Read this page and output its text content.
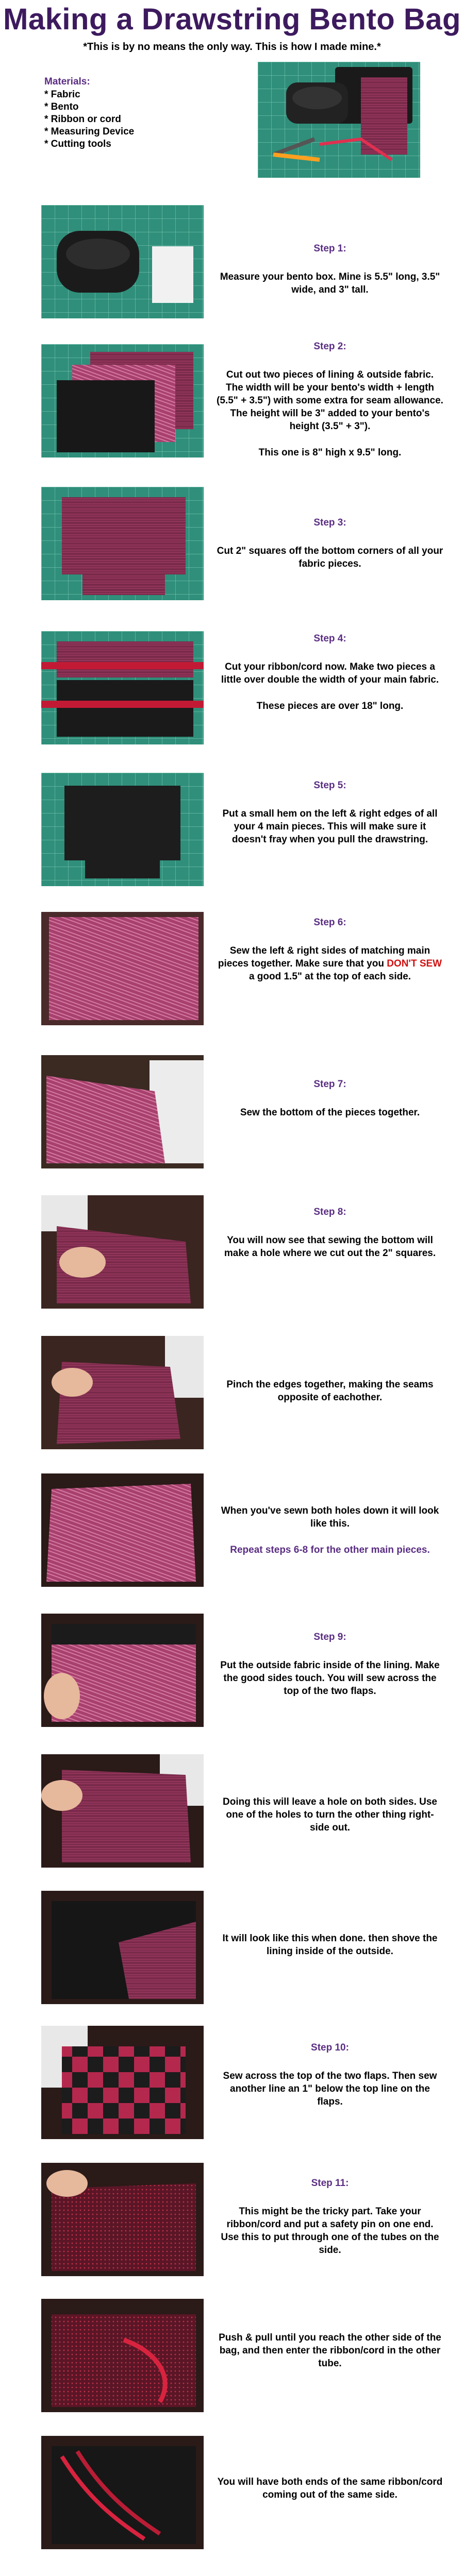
Making a Drawstring Bento Bag
*This is by no means the only way. This is how I made mine.*
Materials:
* Fabric
* Bento
* Ribbon or cord
* Measuring Device
* Cutting tools
Step 1:
Measure your bento box. Mine is 5.5" long, 3.5" wide, and 3" tall.
Step 2:
Cut out two pieces of lining & outside fabric. The width will be your bento's width + length (5.5" + 3.5") with some extra for seam allowance. The height will be 3" added to your bento's height (3.5" + 3").
This one is 8" high x 9.5" long.
Step 3:
Cut 2" squares off the bottom corners of all your fabric pieces.
Step 4:
Cut your ribbon/cord now. Make two pieces a little over double the width of your main fabric.
These pieces are over 18" long.
Step 5:
Put a small hem on the left & right edges of all your 4 main pieces. This will make sure it doesn't fray when you pull the drawstring.
Step 6:
Sew the left & right sides of matching main pieces together. Make sure that you DON'T SEW a good 1.5" at the top of each side.
Step 7:
Sew the bottom of the pieces together.
Step 8:
You will now see that sewing the bottom will make a hole where we cut out the 2" squares.
Pinch the edges together, making the seams opposite of eachother.
When you've sewn both holes down it will look like this.
Repeat steps 6-8 for the other main pieces.
Step 9:
Put the outside fabric inside of the lining. Make the good sides touch. You will sew across the top of the two flaps.
Doing this will leave a hole on both sides. Use one of the holes to turn the other thing right-side out.
It will look like this when done. then shove the lining inside of the outside.
Step 10:
Sew across the top of the two flaps. Then sew another line an 1" below the top line on the flaps.
Step 11:
This might be the tricky part. Take your ribbon/cord and put a safety pin on one end. Use this to put through one of the tubes on the side.
Push & pull until you reach the other side of the bag, and then enter the ribbon/cord in the other tube.
You will have both ends of the same ribbon/cord coming out of the same side.
